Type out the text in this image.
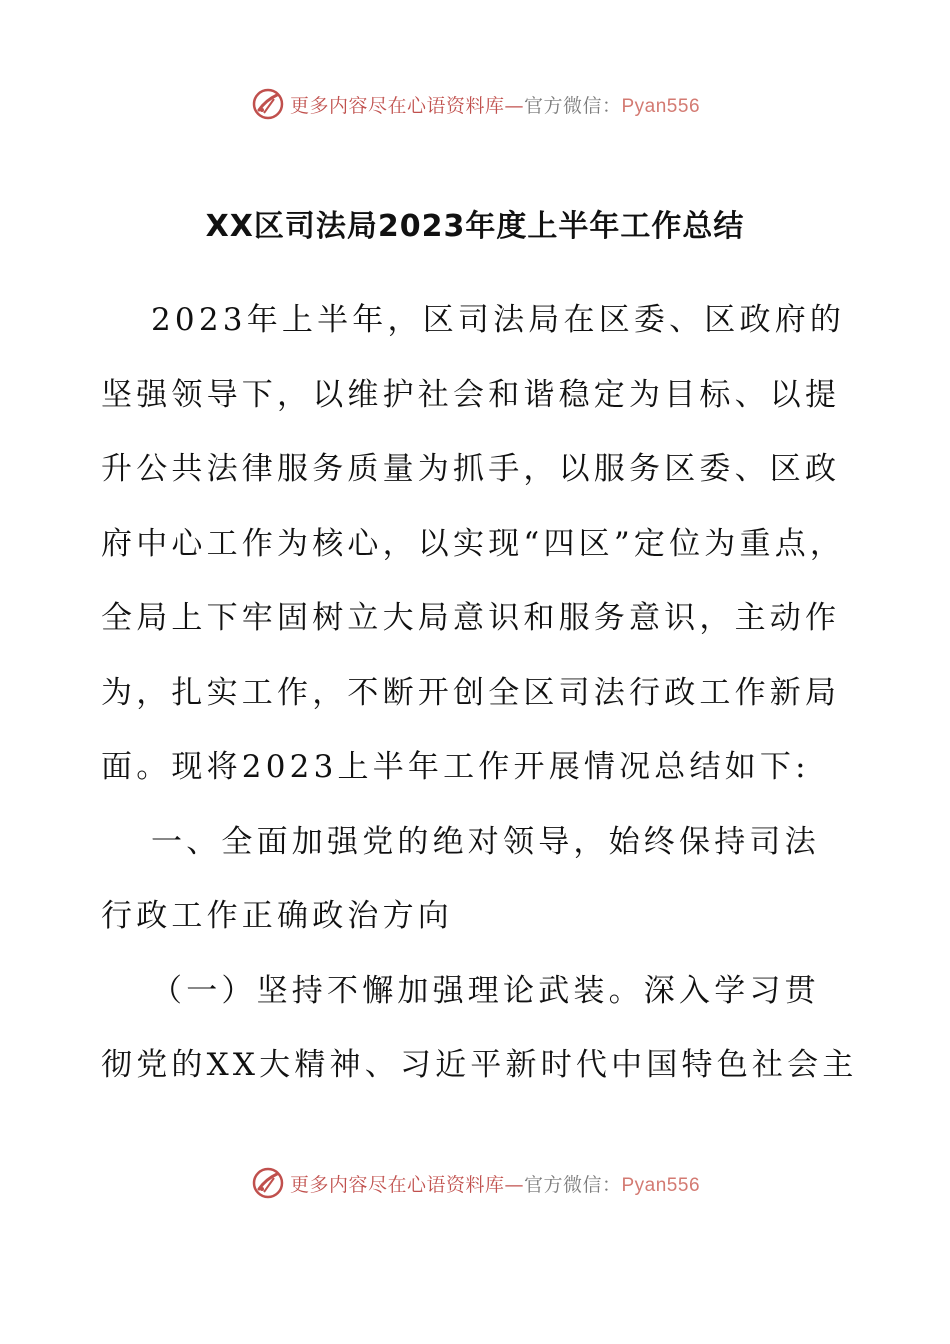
更多内容尽在心语资料库—官方微信：Pyan556
XX区司法局2023年度上半年工作总结
2023年上半年，区司法局在区委、区政府的
坚强领导下，以维护社会和谐稳定为目标、以提
升公共法律服务质量为抓手，以服务区委、区政
府中心工作为核心，以实现“四区”定位为重点，
全局上下牢固树立大局意识和服务意识，主动作
为，扎实工作，不断开创全区司法行政工作新局
面。现将2023上半年工作开展情况总结如下:
一、全面加强党的绝对领导，始终保持司法
行政工作正确政治方向
（一）坚持不懈加强理论武装。深入学习贯
彻党的XX大精神、习近平新时代中国特色社会主
更多内容尽在心语资料库—官方微信：Pyan556
